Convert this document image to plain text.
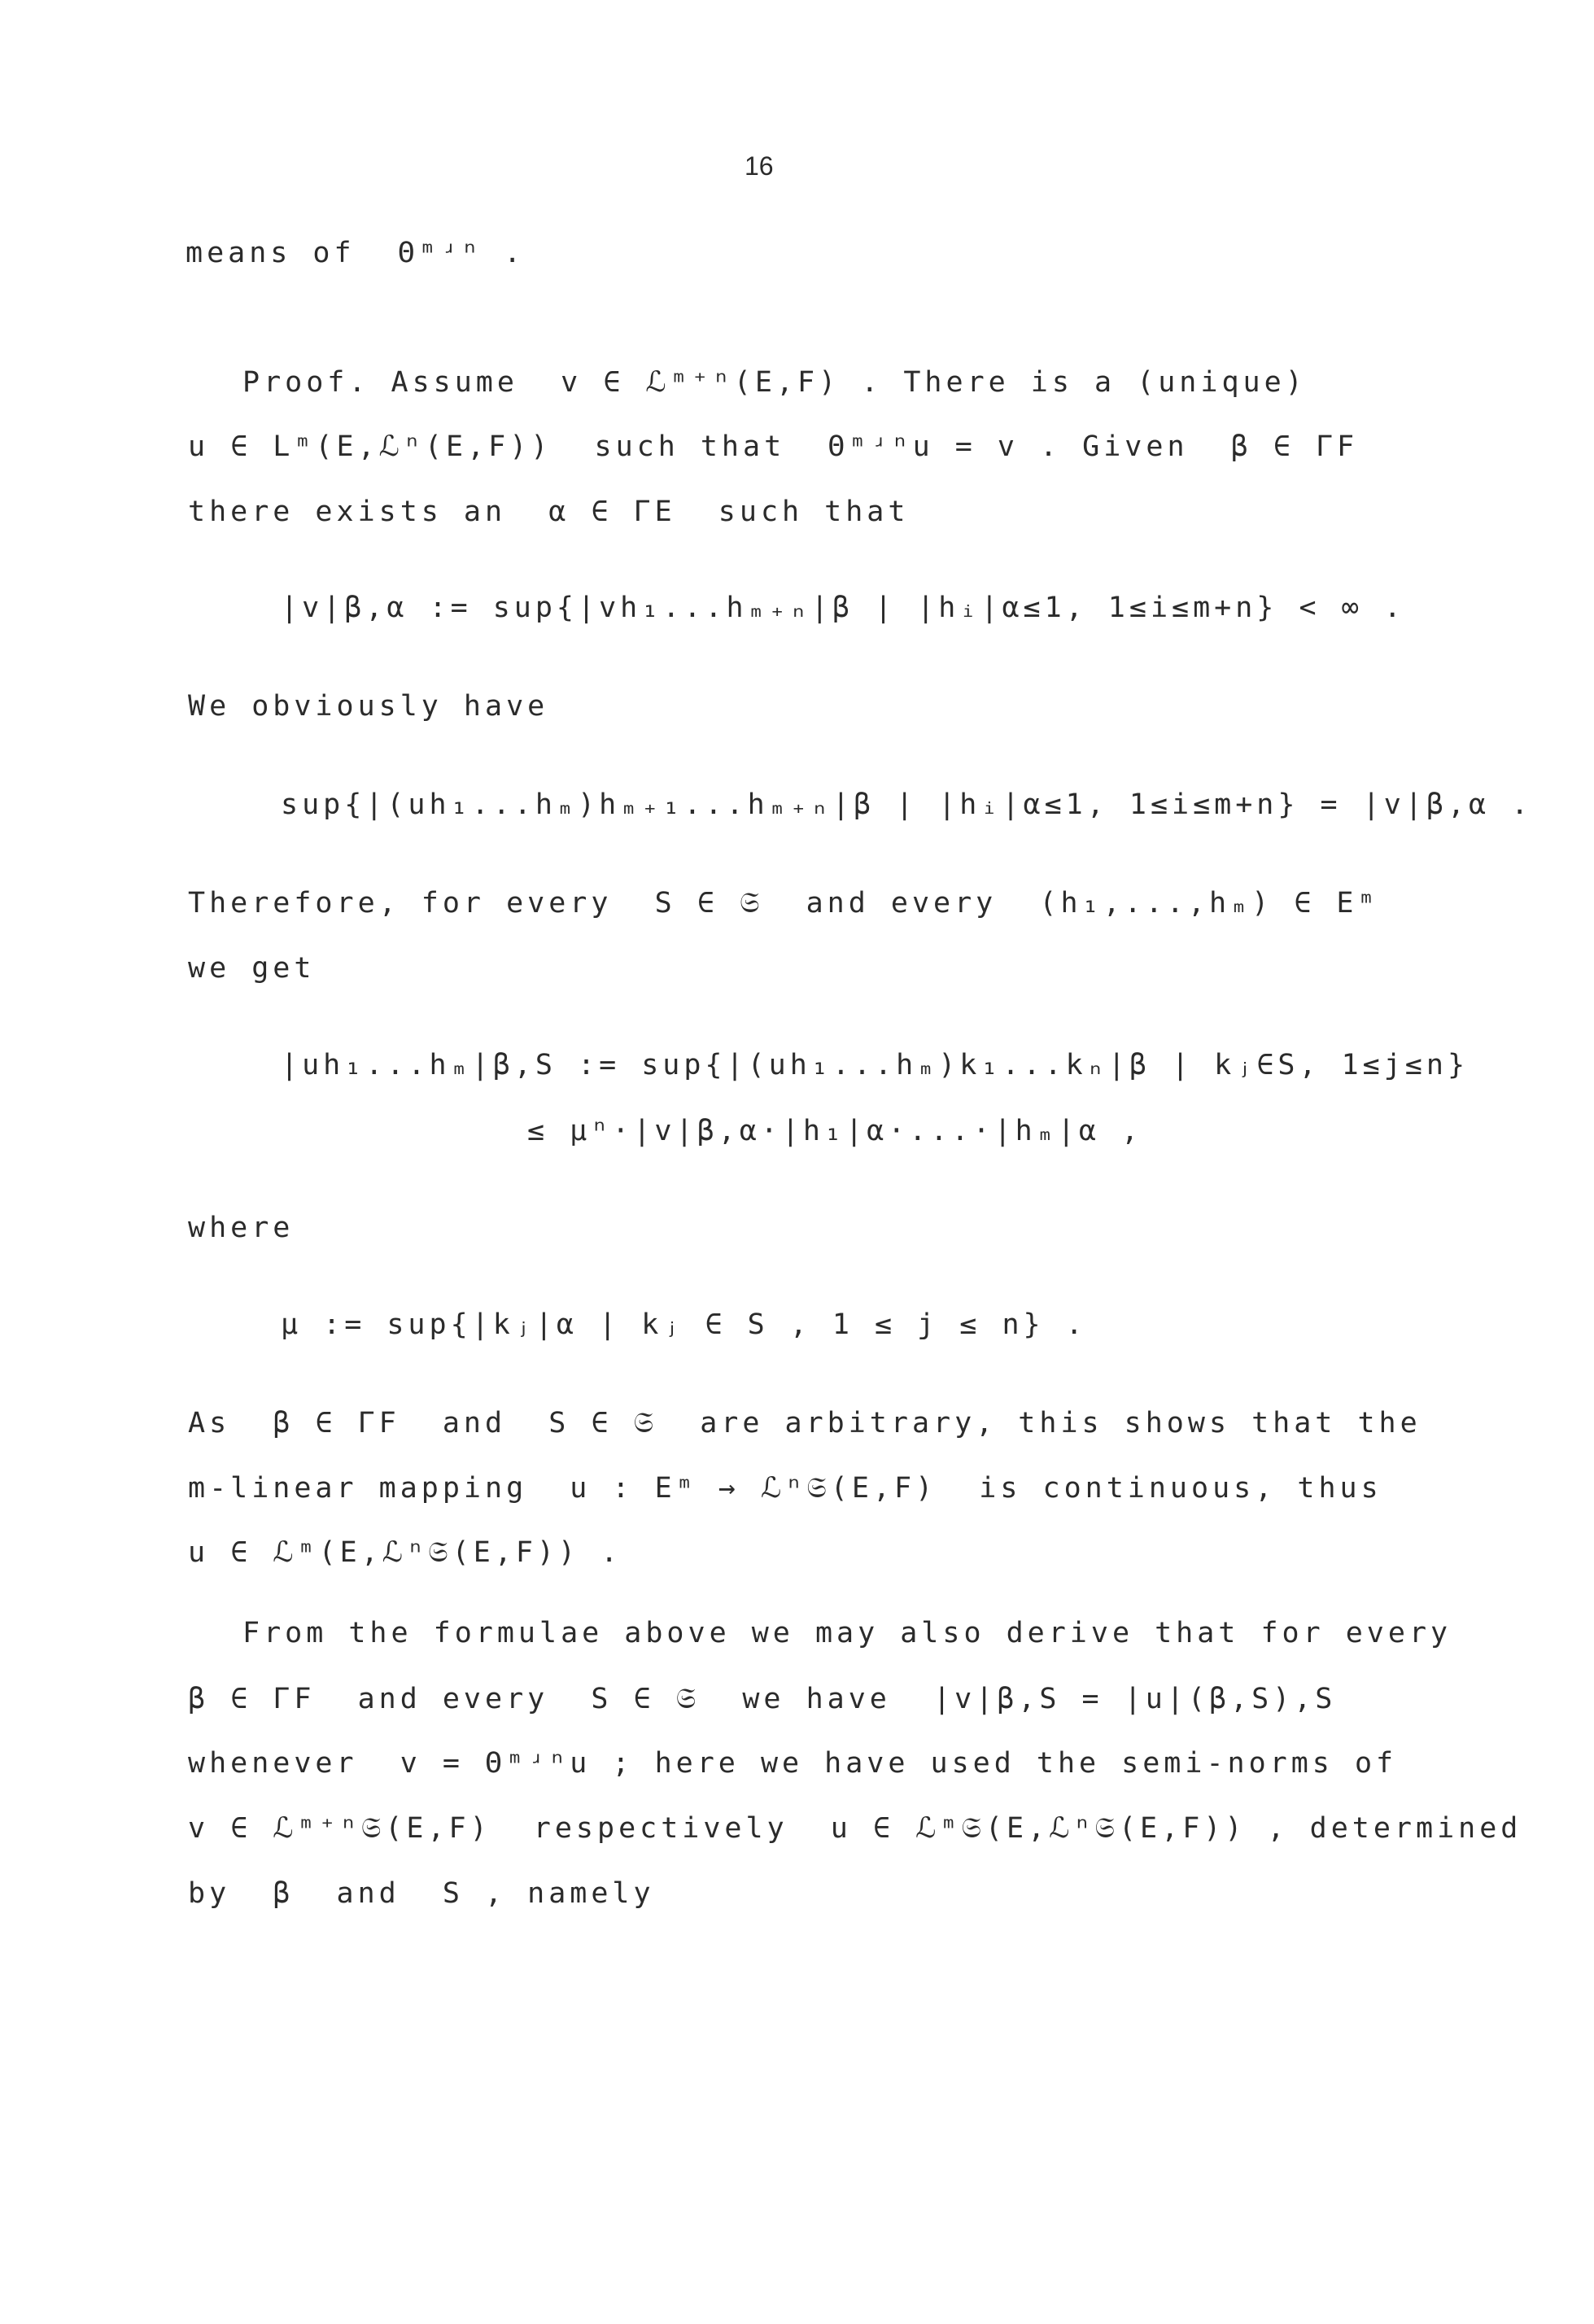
16

means of  Θᵐʴⁿ .

Proof. Assume  v ∈ ℒᵐ⁺ⁿ(E,F) . There is a (unique)

u ∈ Lᵐ(E,ℒⁿ(E,F))  such that  Θᵐʴⁿu = v . Given  β ∈ ΓF

there exists an  α ∈ ΓE  such that

|v|β,α := sup{|vh₁...hₘ₊ₙ|β | |hᵢ|α≤1, 1≤i≤m+n} < ∞ .

We obviously have

sup{|(uh₁...hₘ)hₘ₊₁...hₘ₊ₙ|β | |hᵢ|α≤1, 1≤i≤m+n} = |v|β,α .

Therefore, for every  S ∈ 𝔖  and every  (h₁,...,hₘ) ∈ Eᵐ

we get

|uh₁...hₘ|β,S := sup{|(uh₁...hₘ)k₁...kₙ|β | kⱼ∈S, 1≤j≤n}

≤ μⁿ·|v|β,α·|h₁|α·...·|hₘ|α ,

where

μ := sup{|kⱼ|α | kⱼ ∈ S , 1 ≤ j ≤ n} .

As  β ∈ ΓF  and  S ∈ 𝔖  are arbitrary, this shows that the

m-linear mapping  u : Eᵐ → ℒⁿ𝔖(E,F)  is continuous, thus

u ∈ ℒᵐ(E,ℒⁿ𝔖(E,F)) .

From the formulae above we may also derive that for every

β ∈ ΓF  and every  S ∈ 𝔖  we have  |v|β,S = |u|(β,S),S

whenever  v = Θᵐʴⁿu ; here we have used the semi-norms of

v ∈ ℒᵐ⁺ⁿ𝔖(E,F)  respectively  u ∈ ℒᵐ𝔖(E,ℒⁿ𝔖(E,F)) , determined

by  β  and  S , namely
